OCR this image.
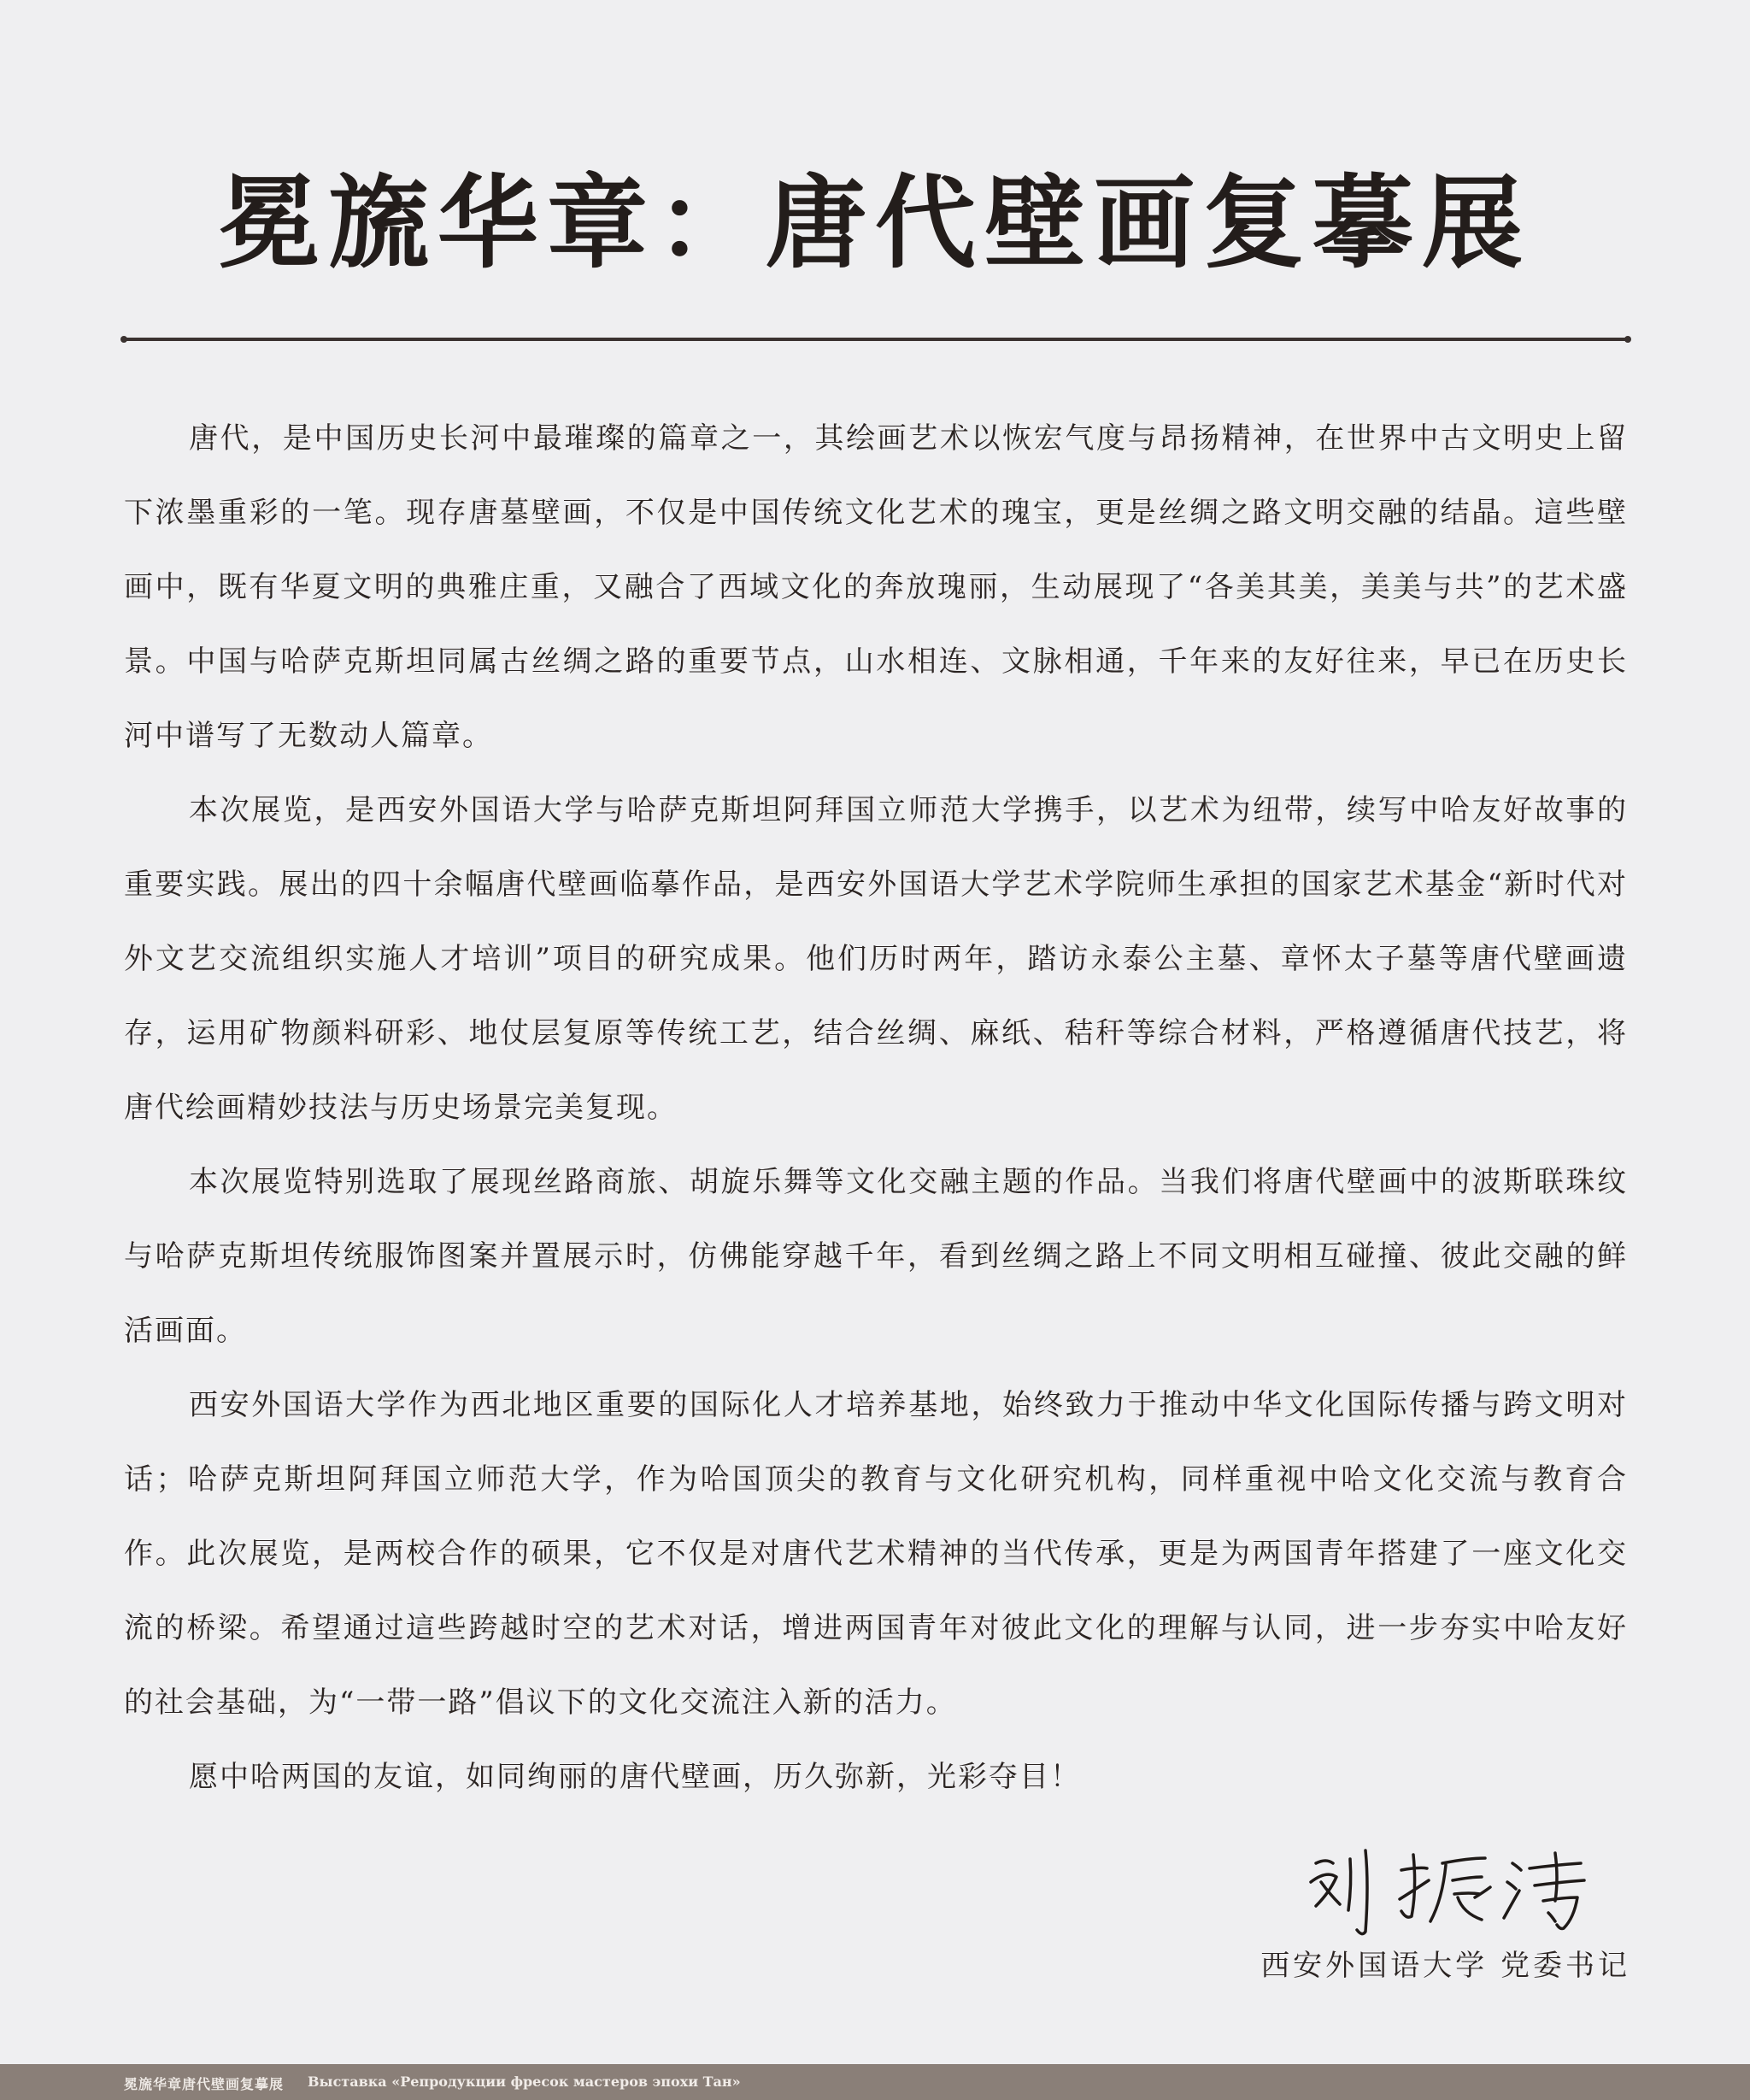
冕旒华章：唐代壁画复摹展

唐代，是中国历史长河中最璀璨的篇章之一，其绘画艺术以恢宏气度与昂扬精神，在世界中古文明史上留下浓墨重彩的一笔。现存唐墓壁画，不仅是中国传统文化艺术的瑰宝，更是丝绸之路文明交融的结晶。這些壁画中，既有华夏文明的典雅庄重，又融合了西域文化的奔放瑰丽，生动展现了“各美其美，美美与共”的艺术盛景。中国与哈萨克斯坦同属古丝绸之路的重要节点，山水相连、文脉相通，千年来的友好往来，早已在历史长河中谱写了无数动人篇章。

本次展览，是西安外国语大学与哈萨克斯坦阿拜国立师范大学携手，以艺术为纽带，续写中哈友好故事的重要实践。展出的四十余幅唐代壁画临摹作品，是西安外国语大学艺术学院师生承担的国家艺术基金“新时代对外文艺交流组织实施人才培训”项目的研究成果。他们历时两年，踏访永泰公主墓、章怀太子墓等唐代壁画遗存，运用矿物颜料研彩、地仗层复原等传统工艺，结合丝绸、麻纸、秸秆等综合材料，严格遵循唐代技艺，将唐代绘画精妙技法与历史场景完美复现。

本次展览特别选取了展现丝路商旅、胡旋乐舞等文化交融主题的作品。当我们将唐代壁画中的波斯联珠纹与哈萨克斯坦传统服饰图案并置展示时，仿佛能穿越千年，看到丝绸之路上不同文明相互碰撞、彼此交融的鲜活画面。

西安外国语大学作为西北地区重要的国际化人才培养基地，始终致力于推动中华文化国际传播与跨文明对话；哈萨克斯坦阿拜国立师范大学，作为哈国顶尖的教育与文化研究机构，同样重视中哈文化交流与教育合作。此次展览，是两校合作的硕果，它不仅是对唐代艺术精神的当代传承，更是为两国青年搭建了一座文化交流的桥梁。希望通过這些跨越时空的艺术对话，增进两国青年对彼此文化的理解与认同，进一步夯实中哈友好的社会基础，为“一带一路”倡议下的文化交流注入新的活力。

愿中哈两国的友谊，如同绚丽的唐代壁画，历久弥新，光彩夺目！

西安外国语大学 党委书记
冕旒华章唐代壁画复摹展 Выставка «Репродукции фресок мастеров эпохи Тан»
